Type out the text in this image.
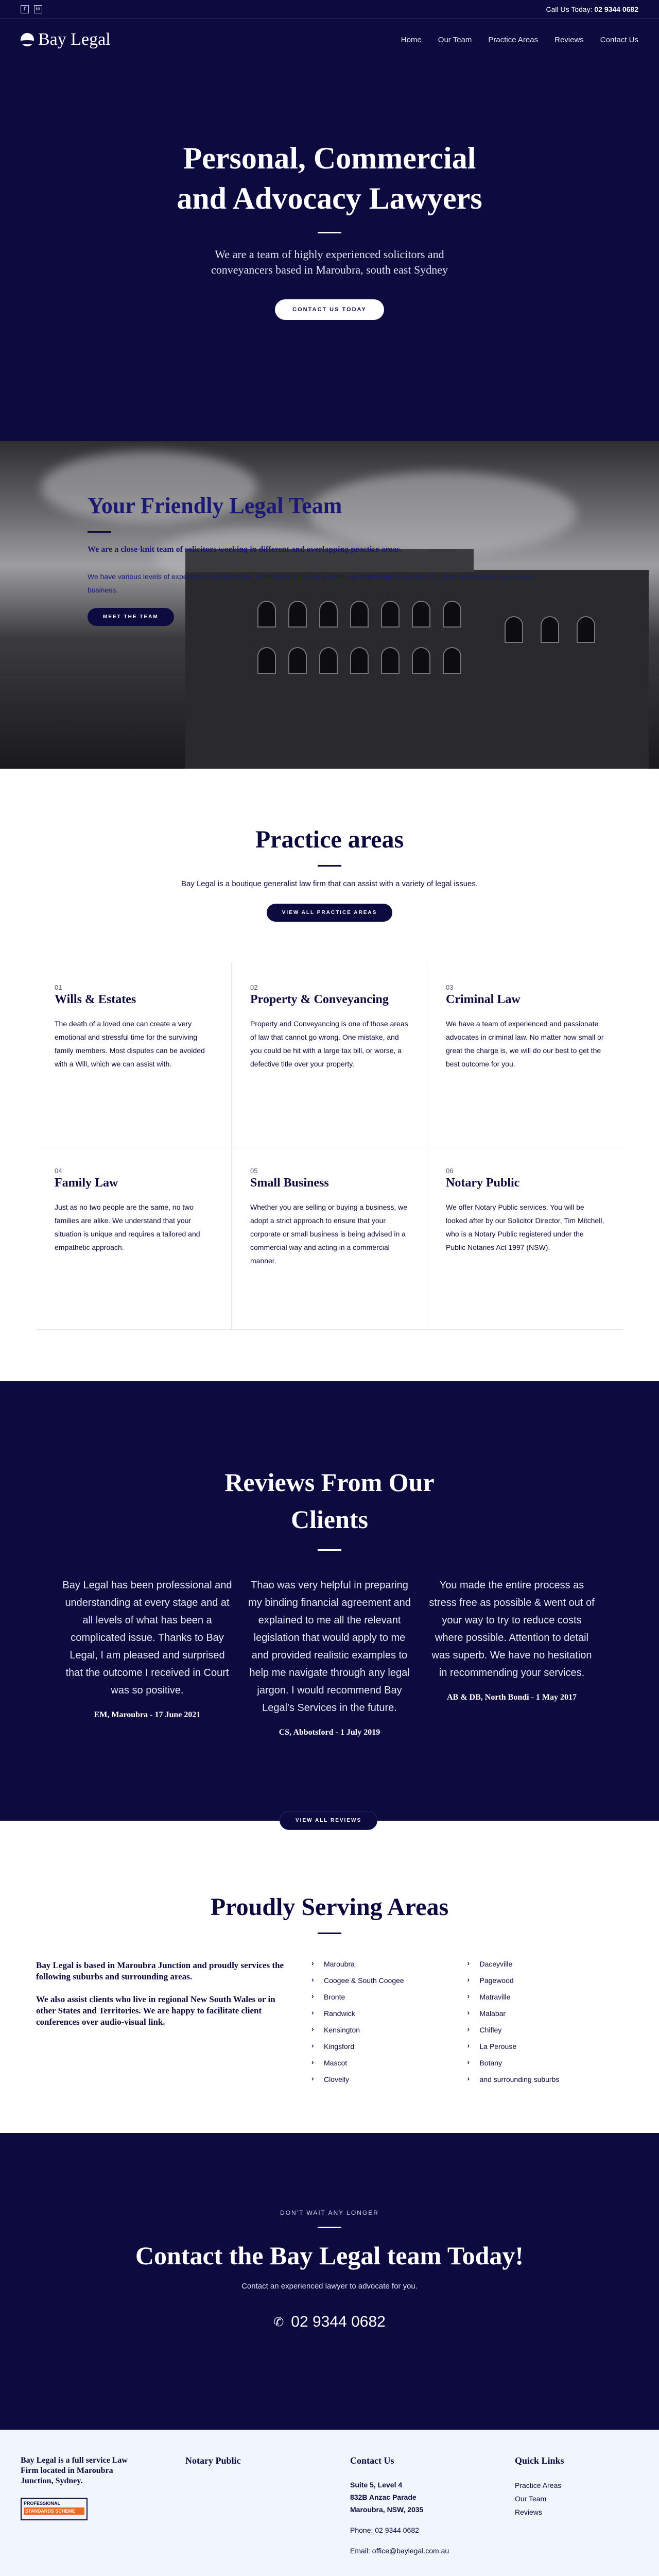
f	in	Call Us Today: 02 9344 0682
Bay Legal	Home Our Team Practice Areas Reviews Contact Us
Personal, Commercial
and Advocacy Lawyers

We are a team of highly experienced solicitors and
conveyancers based in Maroubra, south east Sydney

CONTACT US TODAY
Your Friendly Legal Team

We are a close-knit team of solicitors working in different and overlapping practice areas.

We have various levels of experience and expertise. Working together as a team, we endeavour to achieve the best outcome for you or your business.

MEET THE TEAM
Practice areas

Bay Legal is a boutique generalist law firm that can assist with a variety of legal issues.

VIEW ALL PRACTICE AREAS
01
Wills & Estates

The death of a loved one can create a very emotional and stressful time for the surviving family members. Most disputes can be avoided with a Will, which we can assist with.

02
Property & Conveyancing

Property and Conveyancing is one of those areas of law that cannot go wrong. One mistake, and you could be hit with a large tax bill, or worse, a defective title over your property.

03
Criminal Law

We have a team of experienced and passionate advocates in criminal law. No matter how small or great the charge is, we will do our best to get the best outcome for you.

04
Family Law

Just as no two people are the same, no two families are alike. We understand that your situation is unique and requires a tailored and empathetic approach.

05
Small Business

Whether you are selling or buying a business, we adopt a strict approach to ensure that your corporate or small business is being advised in a commercial way and acting in a commercial manner.

06
Notary Public

We offer Notary Public services. You will be looked after by our Solicitor Director, Tim Mitchell, who is a Notary Public registered under the Public Notaries Act 1997 (NSW).

Reviews From Our
Clients

Bay Legal has been professional and understanding at every stage and at all levels of what has been a complicated issue. Thanks to Bay Legal, I am pleased and surprised that the outcome I received in Court was so positive.

EM, Maroubra - 17 June 2021

Thao was very helpful in preparing my binding financial agreement and explained to me all the relevant legislation that would apply to me and provided realistic examples to help me navigate through any legal jargon. I would recommend Bay Legal's Services in the future.

CS, Abbotsford - 1 July 2019

You made the entire process as stress free as possible & went out of your way to try to reduce costs where possible. Attention to detail was superb. We have no hesitation in recommending your services.

AB & DB, North Bondi - 1 May 2017
VIEW ALL REVIEWS
Proudly Serving Areas

Bay Legal is based in Maroubra Junction and proudly services the following suburbs and surrounding areas.

We also assist clients who live in regional New South Wales or in other States and Territories. We are happy to facilitate client conferences over audio-visual link.

› Maroubra
› Coogee & South Coogee
› Bronte
› Randwick
› Kensington
› Kingsford
› Mascot
› Clovelly
› Daceyville
› Pagewood
› Matraville
› Malabar
› Chifley
› La Perouse
› Botany
› and surrounding suburbs
DON'T WAIT ANY LONGER
Contact the Bay Legal team Today!

Contact an experienced lawyer to advocate for you.

✆ 02 9344 0682

Bay Legal is a full service Law Firm located in Maroubra Junction, Sydney.

PROFESSIONAL
STANDARDS SCHEME
Notary Public	Contact Us
Suite 5, Level 4
832B Anzac Parade
Maroubra, NSW, 2035
Phone: 02 9344 0682
Email: office@baylegal.com.au
Quick Links
Practice Areas
Our Team
Reviews
